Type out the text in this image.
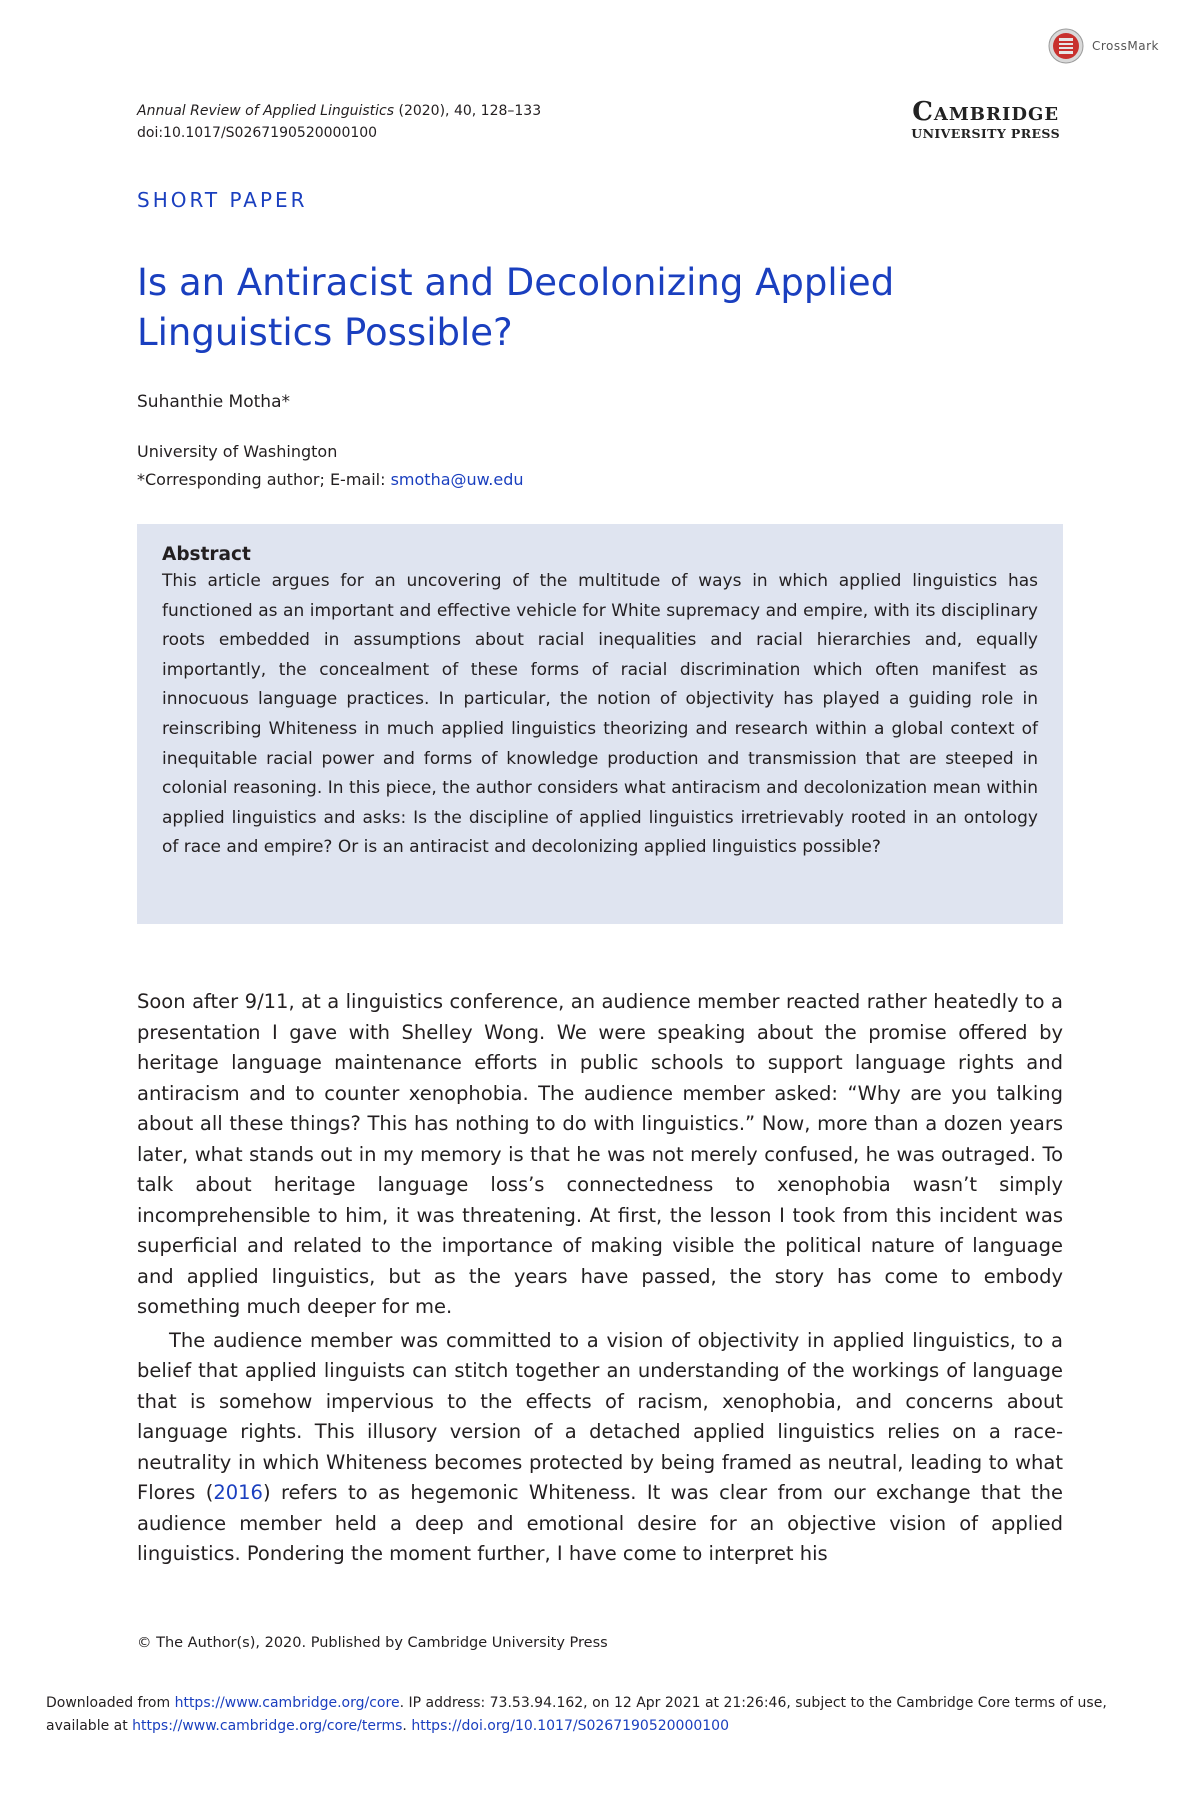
CrossMark
Annual Review of Applied Linguistics (2020), 40, 128–133
doi:10.1017/S0267190520000100
Cambridge
UNIVERSITY PRESS
SHORT PAPER
Is an Antiracist and Decolonizing Applied Linguistics Possible?
Suhanthie Motha*
University of Washington
*Corresponding author; E-mail: smotha@uw.edu
Abstract
This article argues for an uncovering of the multitude of ways in which applied linguistics has functioned as an important and effective vehicle for White supremacy and empire, with its disciplinary roots embedded in assumptions about racial inequalities and racial hierarchies and, equally importantly, the concealment of these forms of racial discrimination which often manifest as innocuous language practices. In particular, the notion of objectivity has played a guiding role in reinscribing Whiteness in much applied linguistics theorizing and research within a global context of inequitable racial power and forms of knowledge production and transmission that are steeped in colonial reasoning. In this piece, the author considers what antiracism and decolonization mean within applied linguistics and asks: Is the discipline of applied linguistics irretrievably rooted in an ontology of race and empire? Or is an antiracist and decolonizing applied linguistics possible?

Soon after 9/11, at a linguistics conference, an audience member reacted rather heatedly to a presentation I gave with Shelley Wong. We were speaking about the promise offered by heritage language maintenance efforts in public schools to support language rights and antiracism and to counter xenophobia. The audience member asked: “Why are you talking about all these things? This has nothing to do with linguistics.” Now, more than a dozen years later, what stands out in my memory is that he was not merely confused, he was outraged. To talk about heritage language loss’s connectedness to xenophobia wasn’t simply incomprehensible to him, it was threatening. At first, the lesson I took from this incident was superficial and related to the importance of making visible the political nature of language and applied linguistics, but as the years have passed, the story has come to embody something much deeper for me.

The audience member was committed to a vision of objectivity in applied linguistics, to a belief that applied linguists can stitch together an understanding of the workings of language that is somehow impervious to the effects of racism, xenophobia, and concerns about language rights. This illusory version of a detached applied linguistics relies on a race-neutrality in which Whiteness becomes protected by being framed as neutral, leading to what Flores (2016) refers to as hegemonic Whiteness. It was clear from our exchange that the audience member held a deep and emotional desire for an objective vision of applied linguistics. Pondering the moment further, I have come to interpret his

© The Author(s), 2020. Published by Cambridge University Press
Downloaded from https://www.cambridge.org/core. IP address: 73.53.94.162, on 12 Apr 2021 at 21:26:46, subject to the Cambridge Core terms of use, available at https://www.cambridge.org/core/terms. https://doi.org/10.1017/S0267190520000100
